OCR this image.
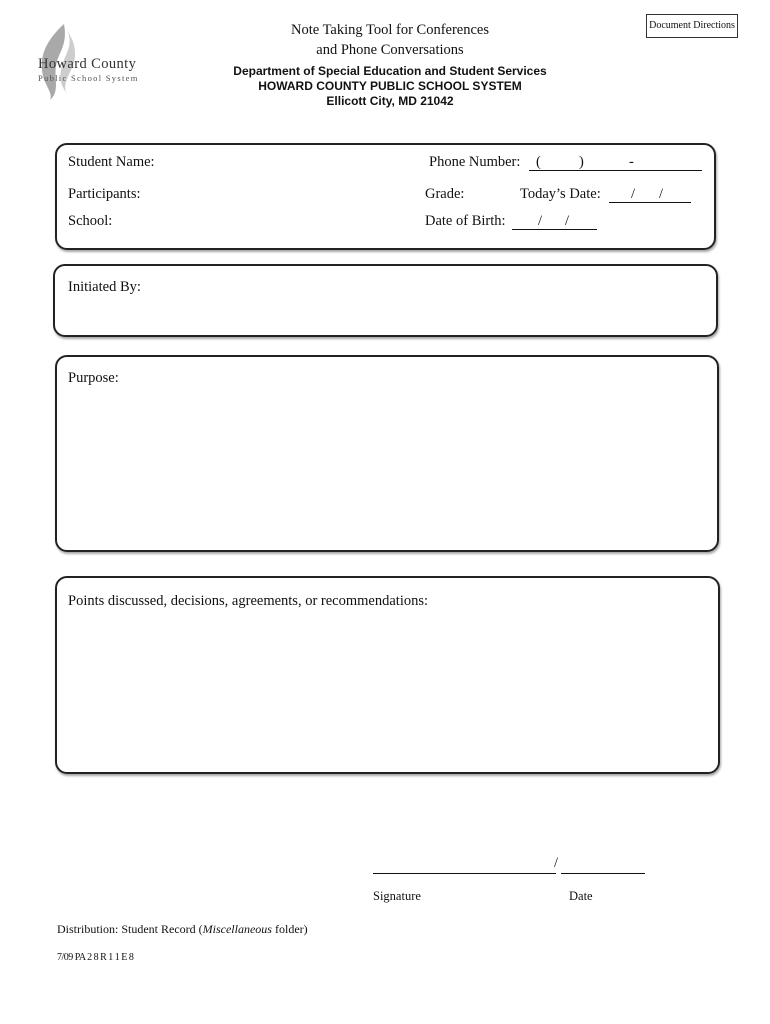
Howard County
Public School System
Note Taking Tool for Conferences
and Phone Conversations
Department of Special Education and Student Services
HOWARD COUNTY PUBLIC SCHOOL SYSTEM
Ellicott City, MD 21042
Document Directions
Student Name:	Phone Number: (	)	-
Participants:	Grade:	Today’s Date: / /
School:	Date of Birth: / /
Initiated By:
Purpose:
Points discussed, decisions, agreements, or recommendations:
/
Signature	Date
Distribution: Student Record (Miscellaneous folder)
7/09 PA 2 8 R 1 1 E 8
